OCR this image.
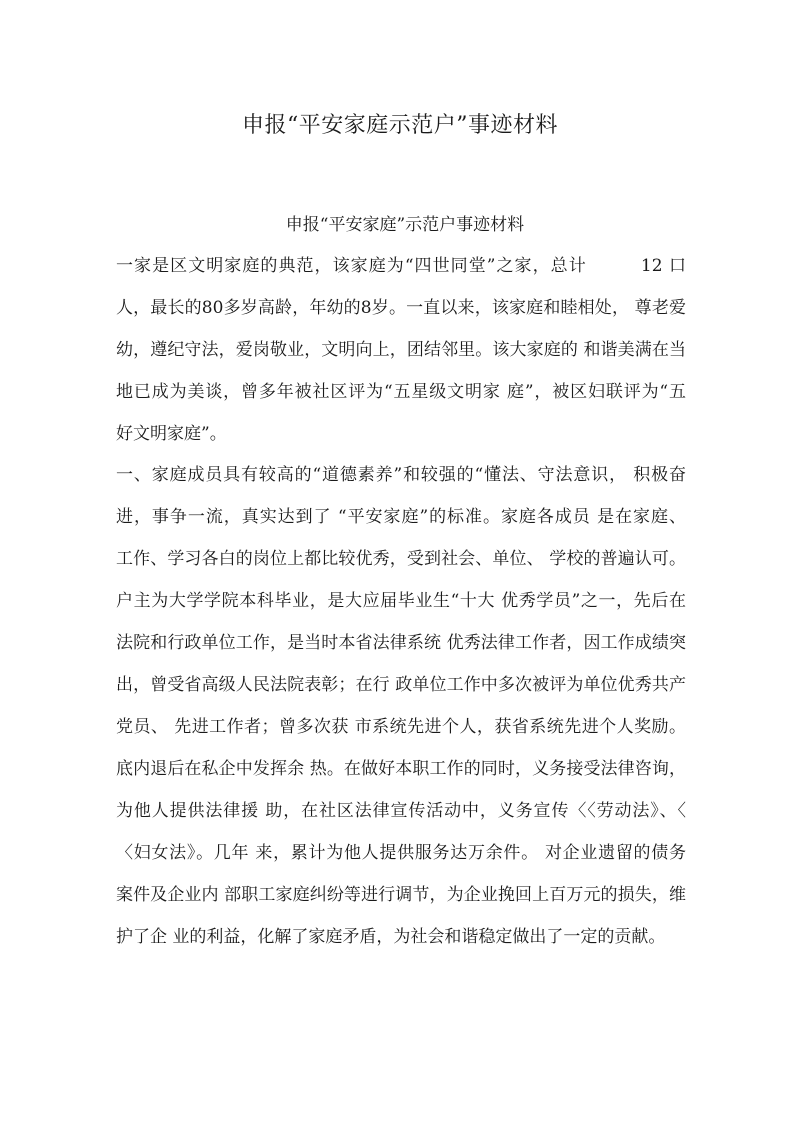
申报“平安家庭示范户”事迹材料
申报“平安家庭”示范户事迹材料
一家是区文明家庭的典范，该家庭为“四世同堂”之家，总计　　　12 口
人，最长的80多岁高龄，年幼的8岁。一直以来，该家庭和睦相处， 尊老爱
幼，遵纪守法，爱岗敬业，文明向上，团结邻里。该大家庭的 和谐美满在当
地已成为美谈，曾多年被社区评为“五星级文明家 庭”，被区妇联评为“五
好文明家庭”。
一、家庭成员具有较高的“道德素养”和较强的“懂法、守法意识， 积极奋
进，事争一流，真实达到了 “平安家庭”的标准。家庭各成员 是在家庭、
工作、学习各白的岗位上都比较优秀，受到社会、单位、 学校的普遍认可。
户主为大学学院本科毕业，是大应届毕业生“十大 优秀学员”之一，先后在
法院和行政单位工作，是当时本省法律系统 优秀法律工作者，因工作成绩突
出，曾受省高级人民法院表彰；在行 政单位工作中多次被评为单位优秀共产
党员、 先进工作者；曾多次获 市系统先进个人，获省系统先进个人奖励。
底内退后在私企中发挥余 热。在做好本职工作的同时，义务接受法律咨询，
为他人提供法律援 助，在社区法律宣传活动中，义务宣传〈〈劳动法》、〈
〈妇女法》。几年 来，累计为他人提供服务达万余件。 对企业遗留的债务
案件及企业内 部职工家庭纠纷等进行调节，为企业挽回上百万元的损失，维
护了企 业的利益，化解了家庭矛盾，为社会和谐稳定做出了一定的贡献。
